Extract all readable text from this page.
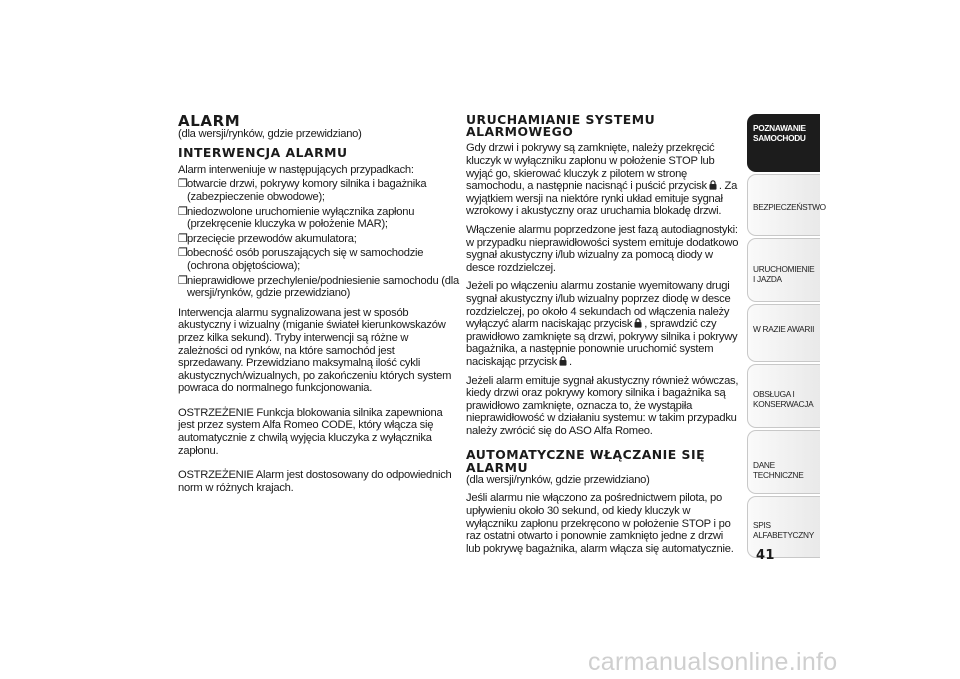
ALARM

(dla wersji/rynków, gdzie przewidziano)

INTERWENCJA ALARMU

Alarm interweniuje w następujących przypadkach:

❐ otwarcie drzwi, pokrywy komory silnika i bagażnika (zabezpieczenie obwodowe);
❐ niedozwolone uruchomienie wyłącznika zapłonu (przekręcenie kluczyka w położenie MAR);
❐ przecięcie przewodów akumulatora;
❐ obecność osób poruszających się w samochodzie (ochrona objętościowa);
❐ nieprawidłowe przechylenie/podniesienie samochodu (dla wersji/rynków, gdzie przewidziano)

Interwencja alarmu sygnalizowana jest w sposób akustyczny i wizualny (miganie świateł kierunkowskazów przez kilka sekund). Tryby interwencji są różne w zależności od rynków, na które samochód jest sprzedawany. Przewidziano maksymalną ilość cykli akustycznych/wizualnych, po zakończeniu których system powraca do normalnego funkcjonowania.

OSTRZEŻENIE Funkcja blokowania silnika zapewniona jest przez system Alfa Romeo CODE, który włącza się automatycznie z chwilą wyjęcia kluczyka z wyłącznika zapłonu.

OSTRZEŻENIE Alarm jest dostosowany do odpowiednich norm w różnych krajach.

URUCHAMIANIE SYSTEMU ALARMOWEGO

Gdy drzwi i pokrywy są zamknięte, należy przekręcić kluczyk w wyłączniku zapłonu w położenie STOP lub wyjąć go, skierować kluczyk z pilotem w stronę samochodu, a następnie nacisnąć i puścić przycisk . Za wyjątkiem wersji na niektóre rynki układ emituje sygnał wzrokowy i akustyczny oraz uruchamia blokadę drzwi.

Włączenie alarmu poprzedzone jest fazą autodiagnostyki: w przypadku nieprawidłowości system emituje dodatkowo sygnał akustyczny i/lub wizualny za pomocą diody w desce rozdzielczej.

Jeżeli po włączeniu alarmu zostanie wyemitowany drugi sygnał akustyczny i/lub wizualny poprzez diodę w desce rozdzielczej, po około 4 sekundach od włączenia należy wyłączyć alarm naciskając przycisk , sprawdzić czy prawidłowo zamknięte są drzwi, pokrywy silnika i pokrywy bagażnika, a następnie ponownie uruchomić system naciskając przycisk .

Jeżeli alarm emituje sygnał akustyczny również wówczas, kiedy drzwi oraz pokrywy komory silnika i bagażnika są prawidłowo zamknięte, oznacza to, że wystąpiła nieprawidłowość w działaniu systemu: w takim przypadku należy zwrócić się do ASO Alfa Romeo.

AUTOMATYCZNE WŁĄCZANIE SIĘ ALARMU

(dla wersji/rynków, gdzie przewidziano)

Jeśli alarmu nie włączono za pośrednictwem pilota, po upływieniu około 30 sekund, od kiedy kluczyk w wyłączniku zapłonu przekręcono w położenie STOP i po raz ostatni otwarto i ponownie zamknięto jedne z drzwi lub pokrywę bagażnika, alarm włącza się automatycznie.

POZNAWANIE SAMOCHODU
BEZPIECZEŃSTWO
URUCHOMIENIE I JAZDA
W RAZIE AWARII
OBSŁUGA I KONSERWACJA
DANE TECHNICZNE
SPIS ALFABETYCZNY
41
carmanualsonline.info
